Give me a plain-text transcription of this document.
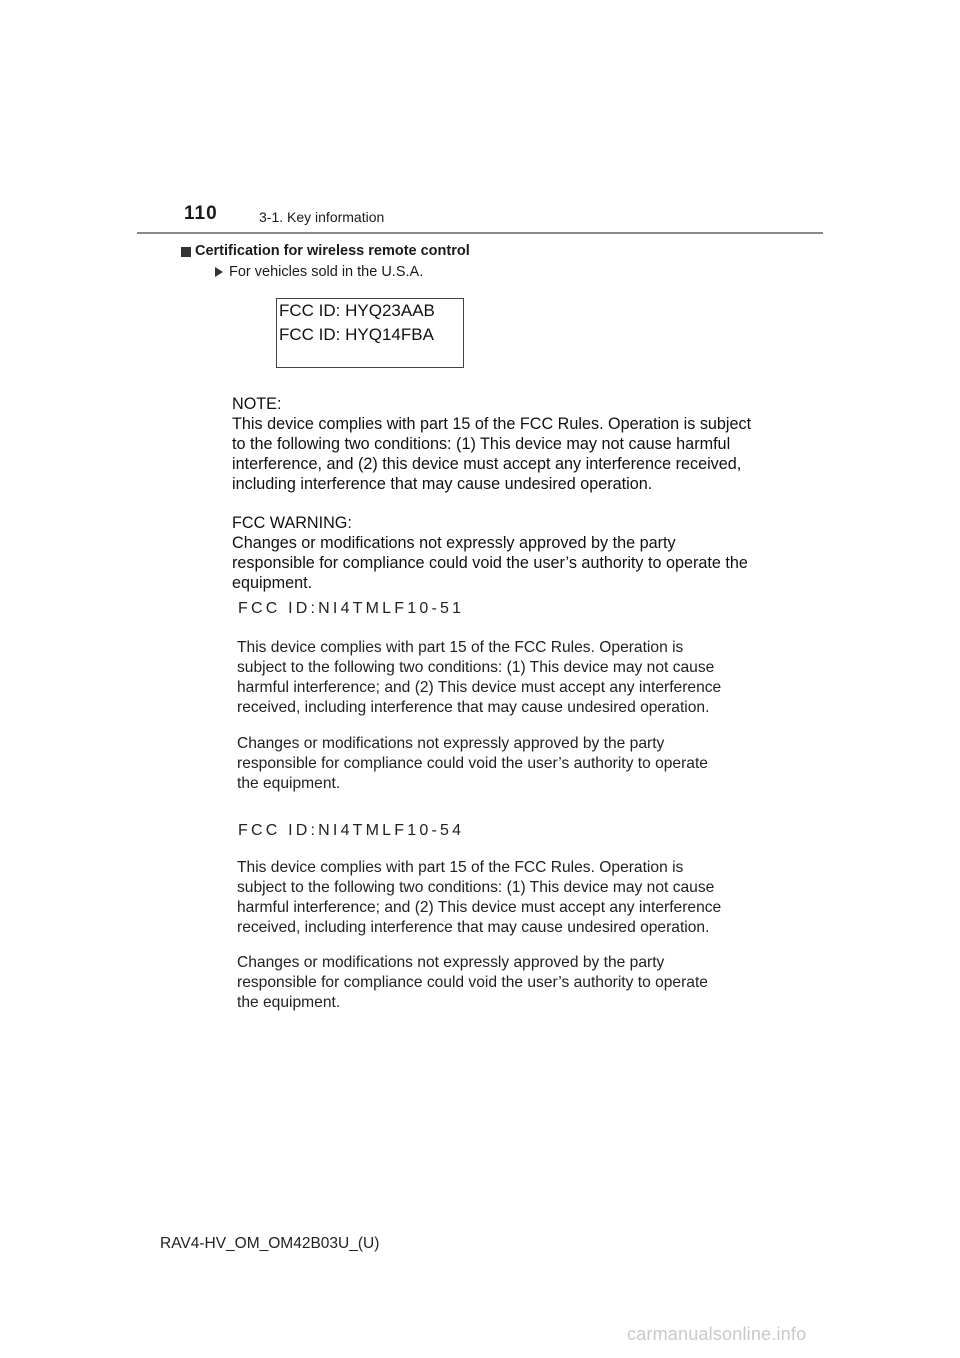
110	3-1. Key information
Certification for wireless remote control
For vehicles sold in the U.S.A.
FCC ID: HYQ23AAB
FCC ID: HYQ14FBA

NOTE:

This device complies with part 15 of the FCC Rules. Operation is subject

to the following two conditions: (1) This device may not cause harmful

interference, and (2) this device must accept any interference received,

including interference that may cause undesired operation.

FCC WARNING:

Changes or modifications not expressly approved by the party

responsible for compliance could void the user’s authority to operate the

equipment.

FCC ID:NI4TMLF10-51

This device complies with part 15 of the FCC Rules. Operation is

subject to the following two conditions: (1) This device may not cause

harmful interference; and (2) This device must accept any interference

received, including interference that may cause undesired operation.

Changes or modifications not expressly approved by the party

responsible for compliance could void the user’s authority to operate

the equipment.

FCC ID:NI4TMLF10-54

This device complies with part 15 of the FCC Rules. Operation is

subject to the following two conditions: (1) This device may not cause

harmful interference; and (2) This device must accept any interference

received, including interference that may cause undesired operation.

Changes or modifications not expressly approved by the party

responsible for compliance could void the user’s authority to operate

the equipment.

RAV4-HV_OM_OM42B03U_(U)
carmanualsonline.info
